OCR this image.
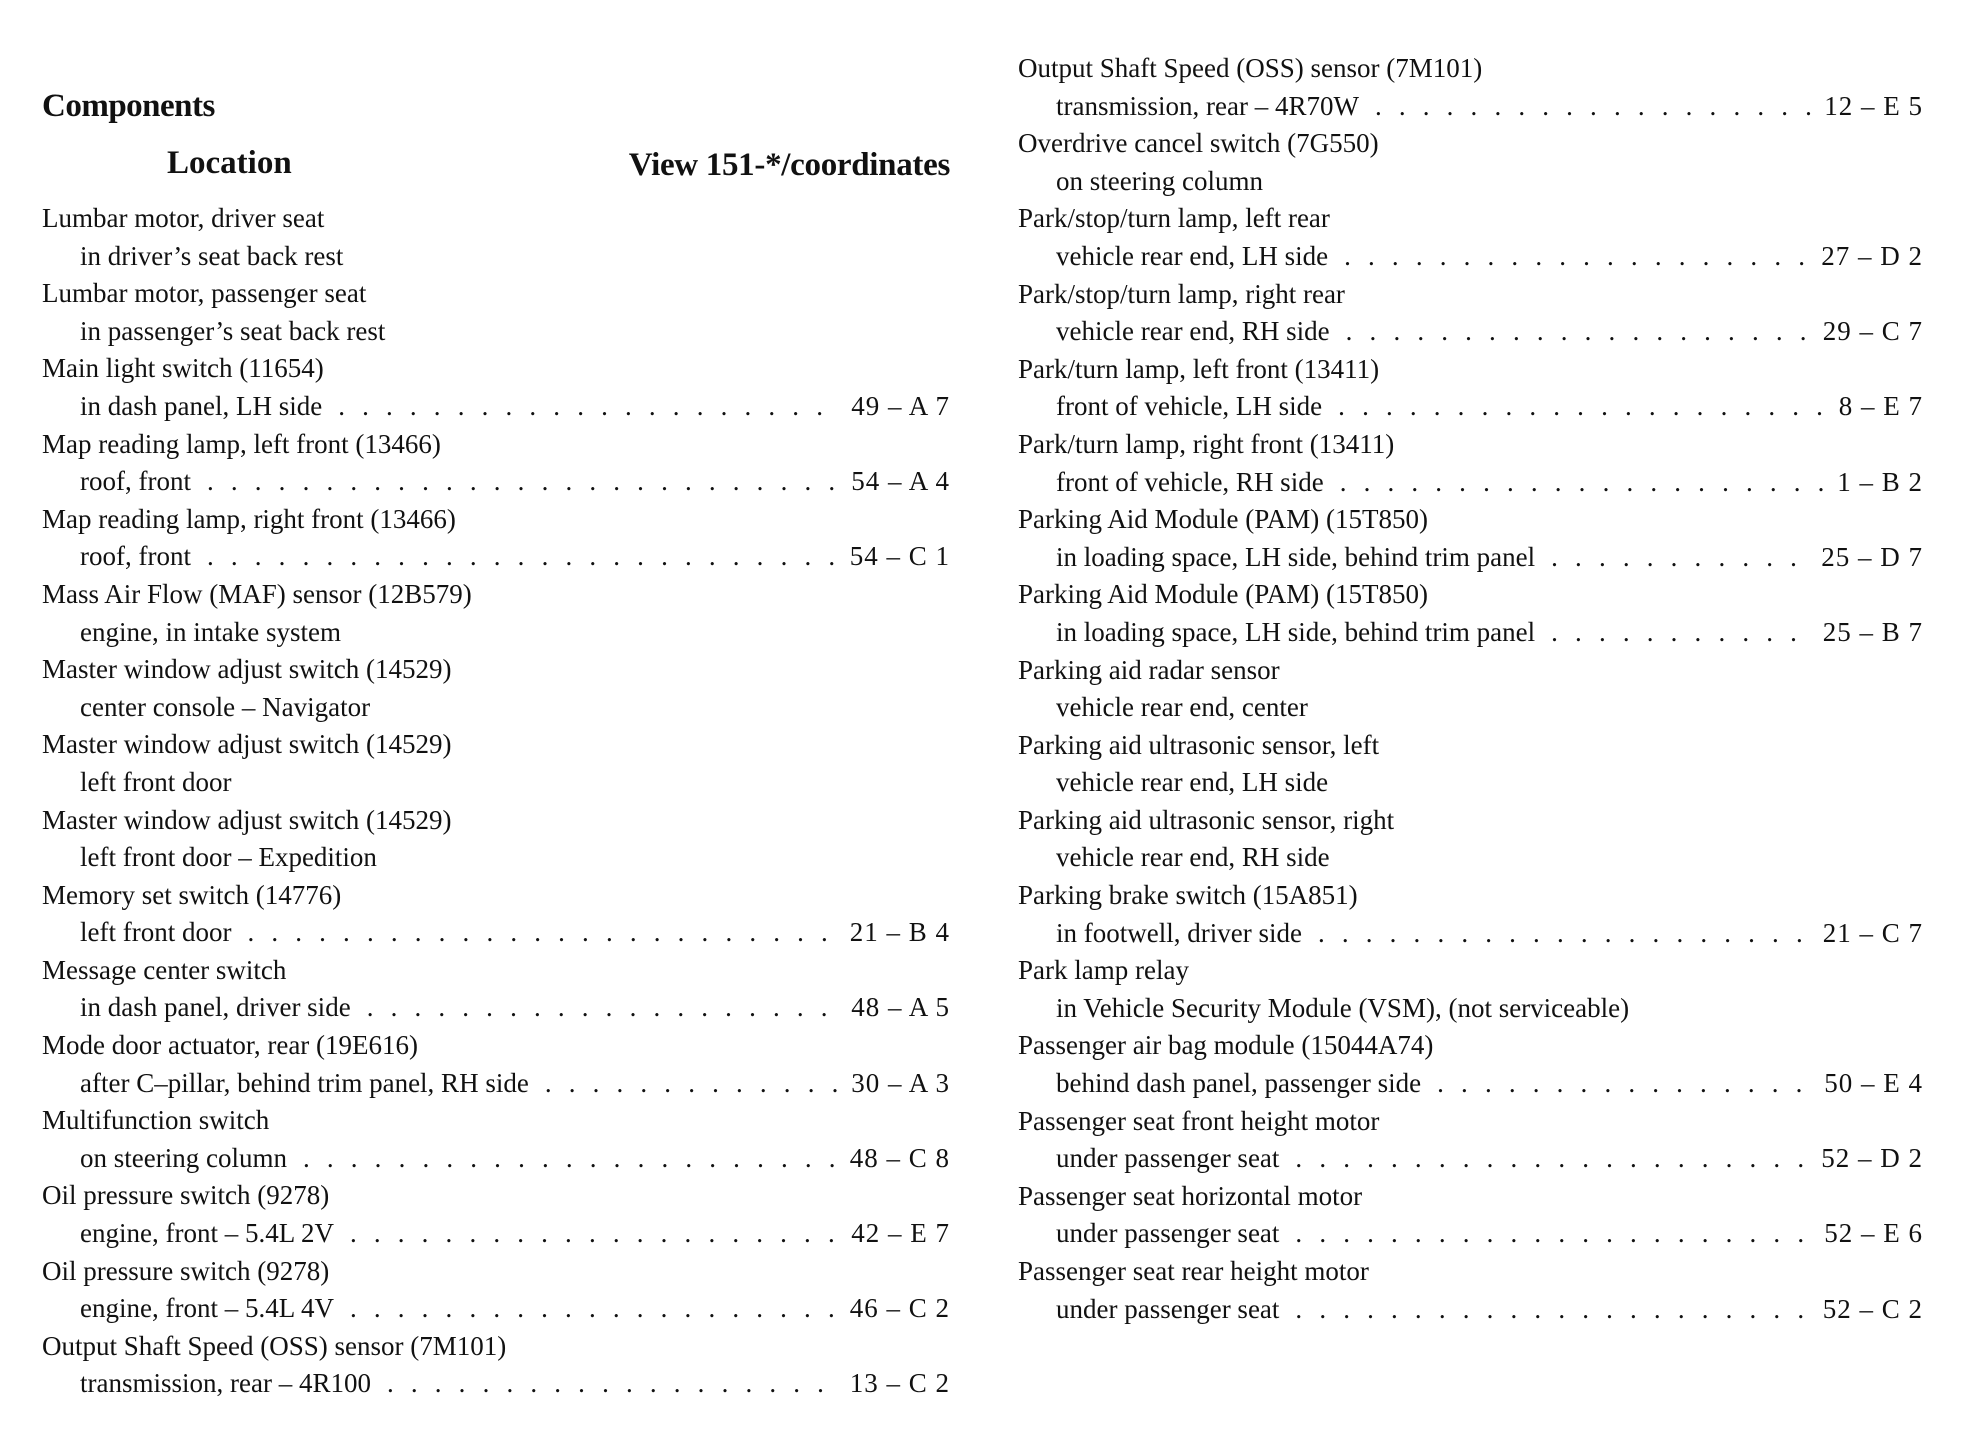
Components
Location	View 151-*/coordinates
Lumbar motor, driver seat
in driver’s seat back rest
Lumbar motor, passenger seat
in passenger’s seat back rest
Main light switch (11654)
in dash panel, LH side . . .	49 – A 7
Map reading lamp, left front (13466)
roof, front . . .	54 – A 4
Map reading lamp, right front (13466)
roof, front . . .	54 – C 1
Mass Air Flow (MAF) sensor (12B579)
engine, in intake system
Master window adjust switch (14529)
center console – Navigator
Master window adjust switch (14529)
left front door
Master window adjust switch (14529)
left front door – Expedition
Memory set switch (14776)
left front door . . .	21 – B 4
Message center switch
in dash panel, driver side . . .	48 – A 5
Mode door actuator, rear (19E616)
after C–pillar, behind trim panel, RH side . . .	30 – A 3
Multifunction switch
on steering column . . .	48 – C 8
Oil pressure switch (9278)
engine, front – 5.4L 2V . . .	42 – E 7
Oil pressure switch (9278)
engine, front – 5.4L 4V . . .	46 – C 2
Output Shaft Speed (OSS) sensor (7M101)
transmission, rear – 4R100 . . .	13 – C 2
Output Shaft Speed (OSS) sensor (7M101)
transmission, rear – 4R70W . . .	12 – E 5
Overdrive cancel switch (7G550)
on steering column
Park/stop/turn lamp, left rear
vehicle rear end, LH side . . .	27 – D 2
Park/stop/turn lamp, right rear
vehicle rear end, RH side . . .	29 – C 7
Park/turn lamp, left front (13411)
front of vehicle, LH side . . .	8 – E 7
Park/turn lamp, right front (13411)
front of vehicle, RH side . . .	1 – B 2
Parking Aid Module (PAM) (15T850)
in loading space, LH side, behind trim panel . . .	25 – D 7
Parking Aid Module (PAM) (15T850)
in loading space, LH side, behind trim panel . . .	25 – B 7
Parking aid radar sensor
vehicle rear end, center
Parking aid ultrasonic sensor, left
vehicle rear end, LH side
Parking aid ultrasonic sensor, right
vehicle rear end, RH side
Parking brake switch (15A851)
in footwell, driver side . . .	21 – C 7
Park lamp relay
in Vehicle Security Module (VSM), (not serviceable)
Passenger air bag module (15044A74)
behind dash panel, passenger side . . .	50 – E 4
Passenger seat front height motor
under passenger seat . . .	52 – D 2
Passenger seat horizontal motor
under passenger seat . . .	52 – E 6
Passenger seat rear height motor
under passenger seat . . .	52 – C 2
